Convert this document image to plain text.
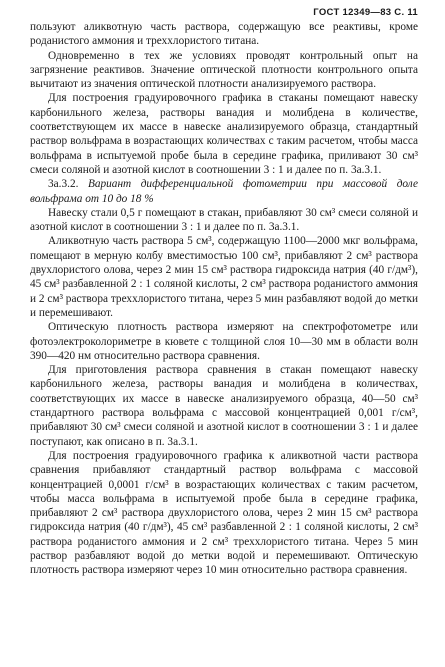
ГОСТ 12349—83 С. 11

пользуют аликвотную часть раствора, содержащую все реактивы, кроме роданистого аммония и треххлористого титана.

Одновременно в тех же условиях проводят контрольный опыт на загрязнение реактивов. Значение оптической плотности контрольного опыта вычитают из значения оптической плотности анализируемого раствора.

Для построения градуировочного графика в стаканы помещают навеску карбонильного железа, растворы ванадия и молибдена в количестве, соответствующем их массе в навеске анализируемого образца, стандартный раствор вольфрама в возрастающих количествах с таким расчетом, чтобы масса вольфрама в испытуемой пробе была в середине графика, приливают 30 см³ смеси соляной и азотной кислот в соотношении 3 : 1 и далее по п. 3а.3.1.

3а.3.2. Вариант дифференциальной фотометрии при массовой доле вольфрама от 10 до 18 %

Навеску стали 0,5 г помещают в стакан, прибавляют 30 см³ смеси соляной и азотной кислот в соотношении 3 : 1 и далее по п. 3а.3.1.

Аликвотную часть раствора 5 см³, содержащую 1100—2000 мкг вольфрама, помещают в мерную колбу вместимостью 100 см³, прибавляют 2 см³ раствора двухлористого олова, через 2 мин 15 см³ раствора гидроксида натрия (40 г/дм³), 45 см³ разбавленной 2 : 1 соляной кислоты, 2 см³ раствора роданистого аммония и 2 см³ раствора треххлористого титана, через 5 мин разбавляют водой до метки и перемешивают.

Оптическую плотность раствора измеряют на спектрофотометре или фотоэлектроколориметре в кювете с толщиной слоя 10—30 мм в области волн 390—420 нм относительно раствора сравнения.

Для приготовления раствора сравнения в стакан помещают навеску карбонильного железа, растворы ванадия и молибдена в количествах, соответствующих их массе в навеске анализируемого образца, 40—50 см³ стандартного раствора вольфрама с массовой концентрацией 0,001 г/см³, прибавляют 30 см³ смеси соляной и азотной кислот в соотношении 3 : 1 и далее поступают, как описано в п. 3а.3.1.

Для построения градуировочного графика к аликвотной части раствора сравнения прибавляют стандартный раствор вольфрама с массовой концентрацией 0,0001 г/см³ в возрастающих количествах с таким расчетом, чтобы масса вольфрама в испытуемой пробе была в середине графика, прибавляют 2 см³ раствора двухлористого олова, через 2 мин 15 см³ раствора гидроксида натрия (40 г/дм³), 45 см³ разбавленной 2 : 1 соляной кислоты, 2 см³ раствора роданистого аммония и 2 см³ треххлористого титана. Через 5 мин раствор разбавляют водой до метки водой и перемешивают. Оптическую плотность раствора измеряют через 10 мин относительно раствора сравнения.
